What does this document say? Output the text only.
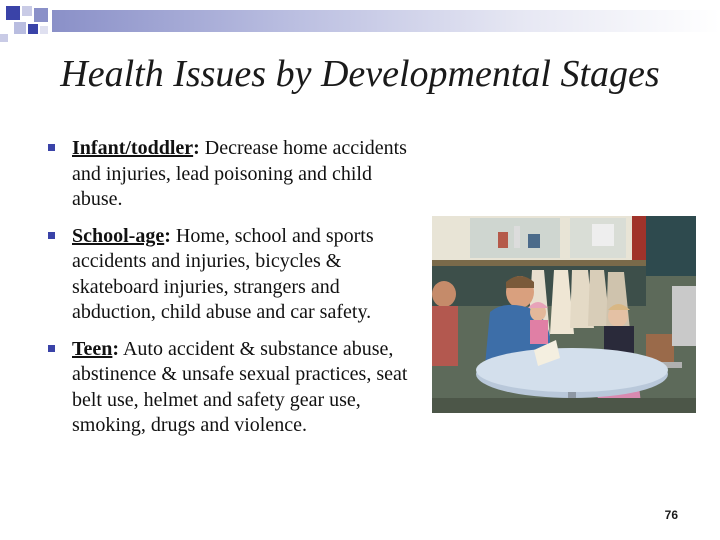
Health Issues by Developmental Stages
Infant/toddler: Decrease home accidents and injuries, lead poisoning and child abuse.
School-age: Home, school and sports accidents and injuries, bicycles & skateboard injuries, strangers and abduction, child abuse and car safety.
Teen: Auto accident & substance abuse, abstinence & unsafe sexual practices, seat belt use, helmet and safety gear use, smoking, drugs and violence.
76
